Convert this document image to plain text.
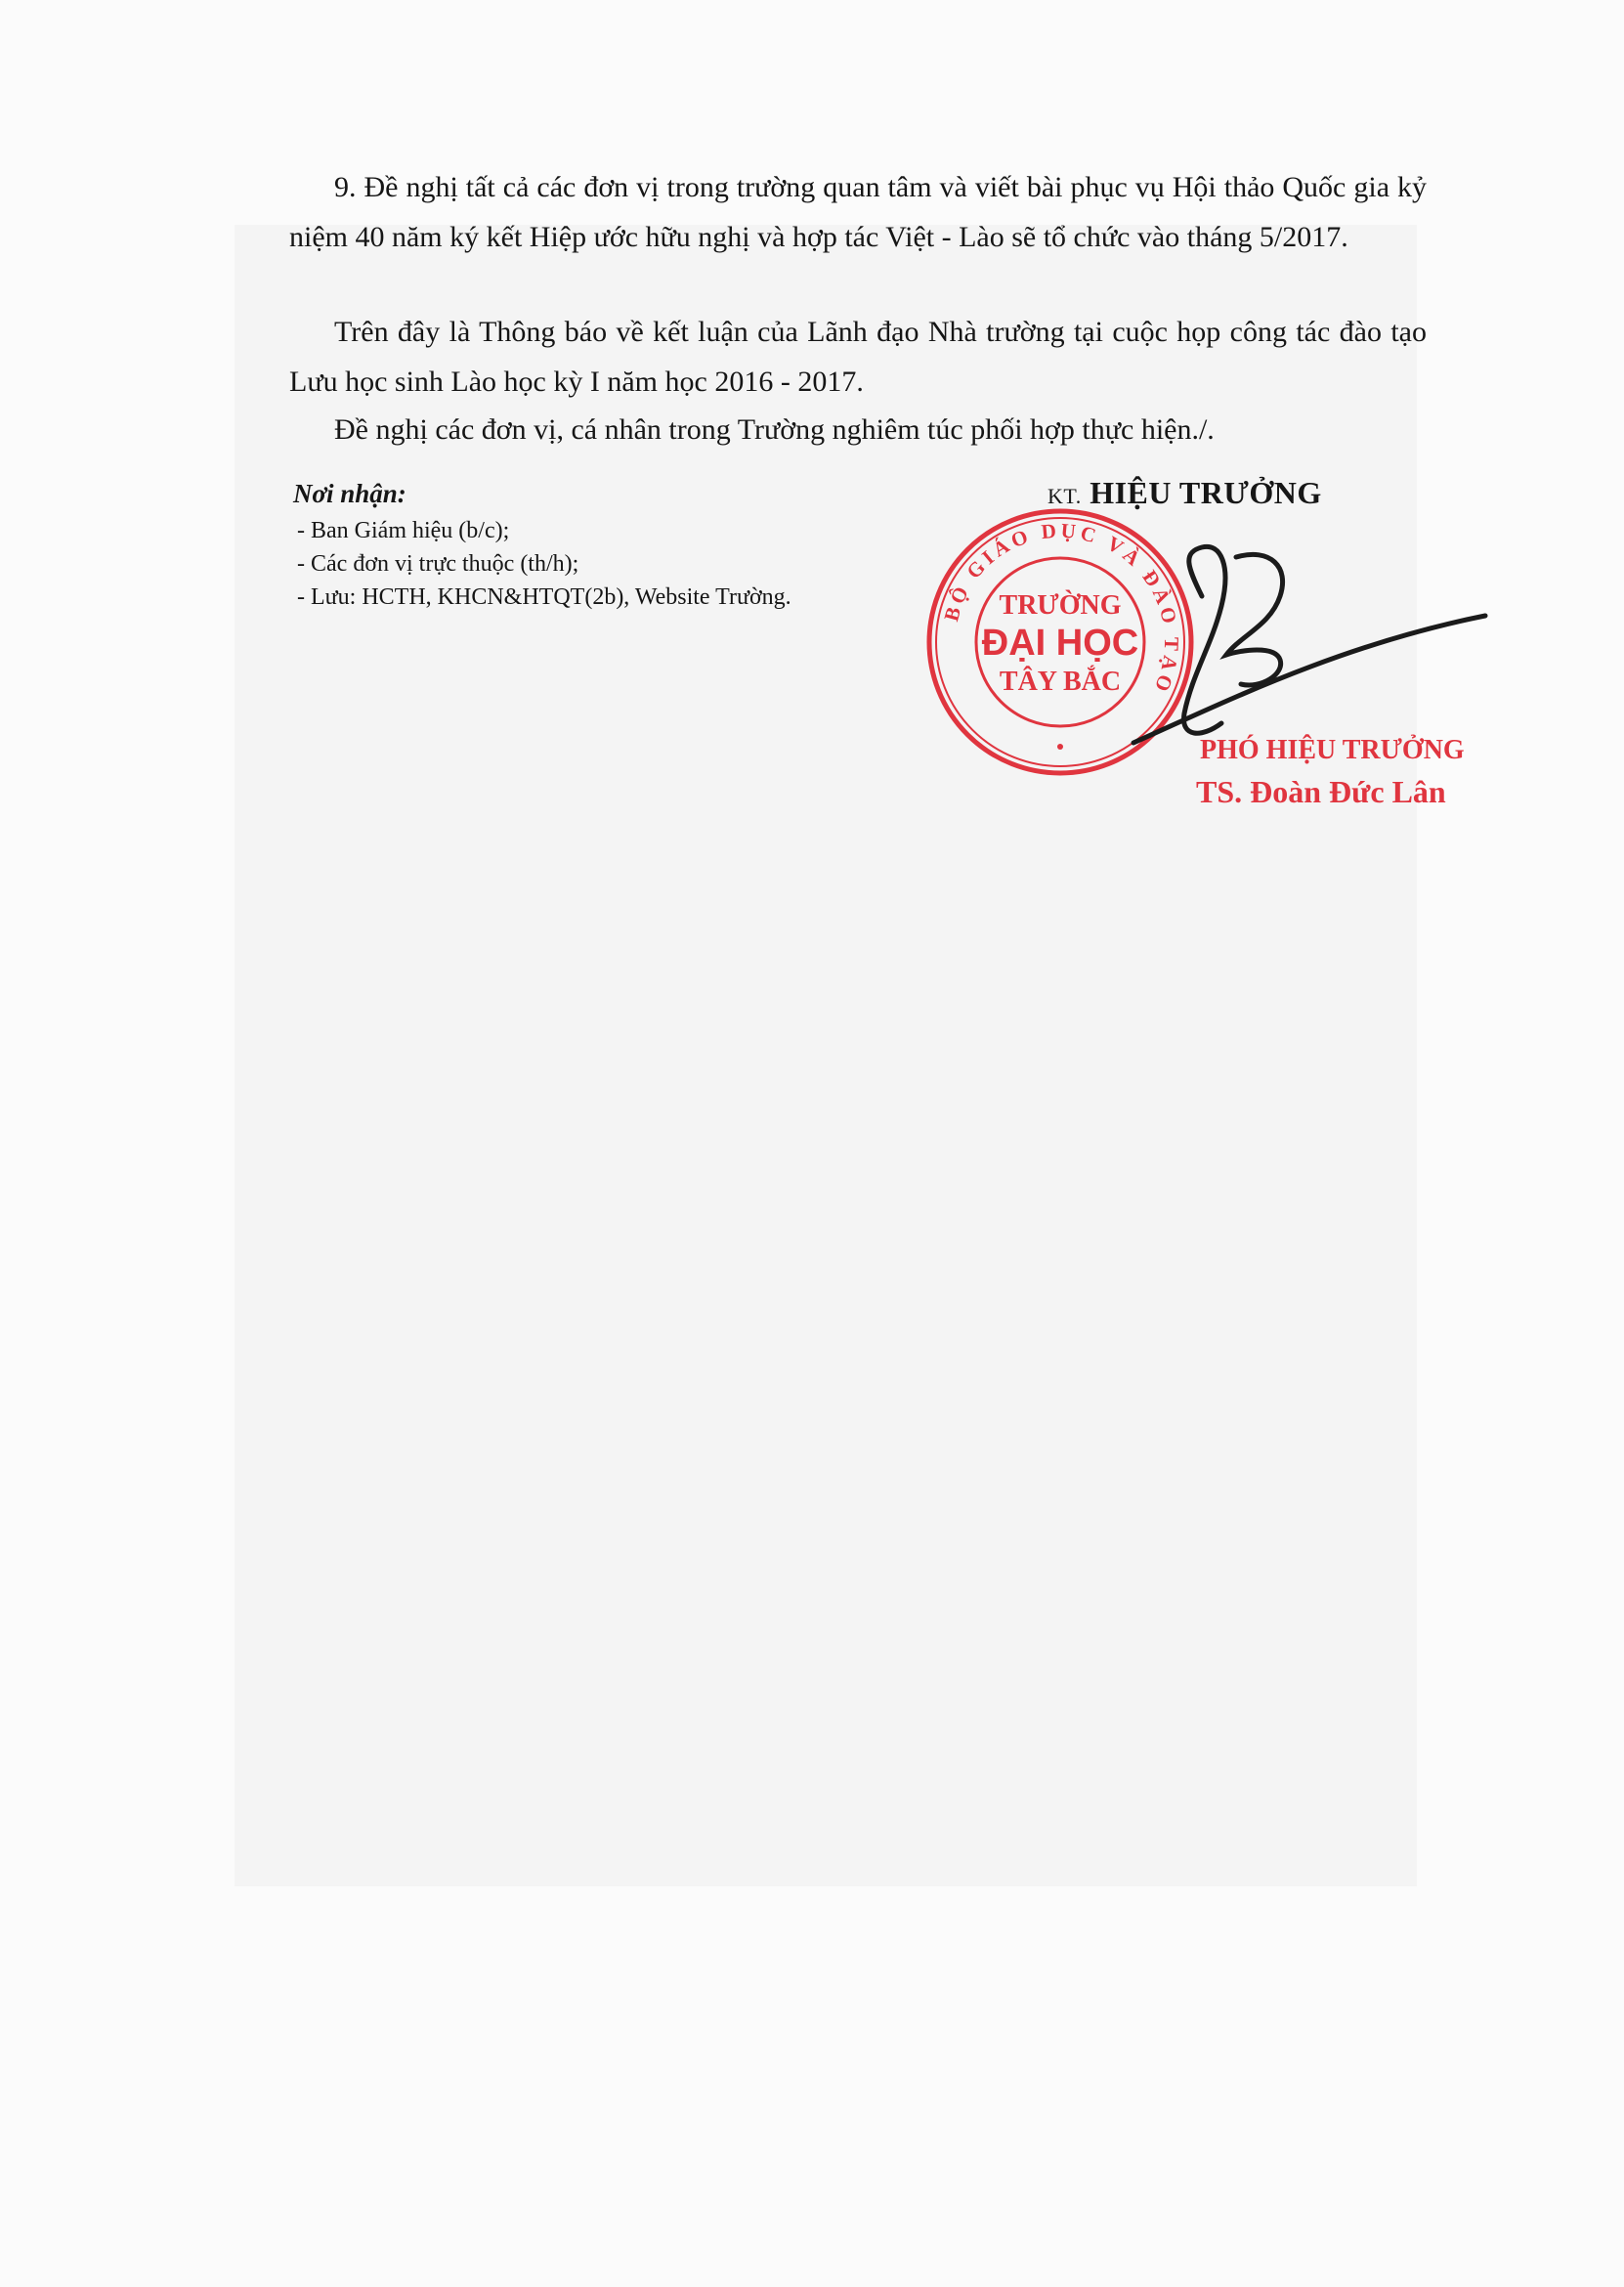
9. Đề nghị tất cả các đơn vị trong trường quan tâm và viết bài phục vụ Hội thảo Quốc gia kỷ niệm 40 năm ký kết Hiệp ước hữu nghị và hợp tác Việt - Lào sẽ tổ chức vào tháng 5/2017.

Trên đây là Thông báo về kết luận của Lãnh đạo Nhà trường tại cuộc họp công tác đào tạo Lưu học sinh Lào học kỳ I năm học 2016 - 2017.

Đề nghị các đơn vị, cá nhân trong Trường nghiêm túc phối hợp thực hiện./.

Nơi nhận:
- Ban Giám hiệu (b/c);
- Các đơn vị trực thuộc (th/h);
- Lưu: HCTH, KHCN&HTQT(2b), Website Trường.
KT. HIỆU TRƯỞNG
BỘ GIÁO DỤC VÀ ĐÀO TẠO
TRƯỜNG
ĐẠI HỌC
TÂY BẮC
PHÓ HIỆU TRƯỞNG
TS. Đoàn Đức Lân
